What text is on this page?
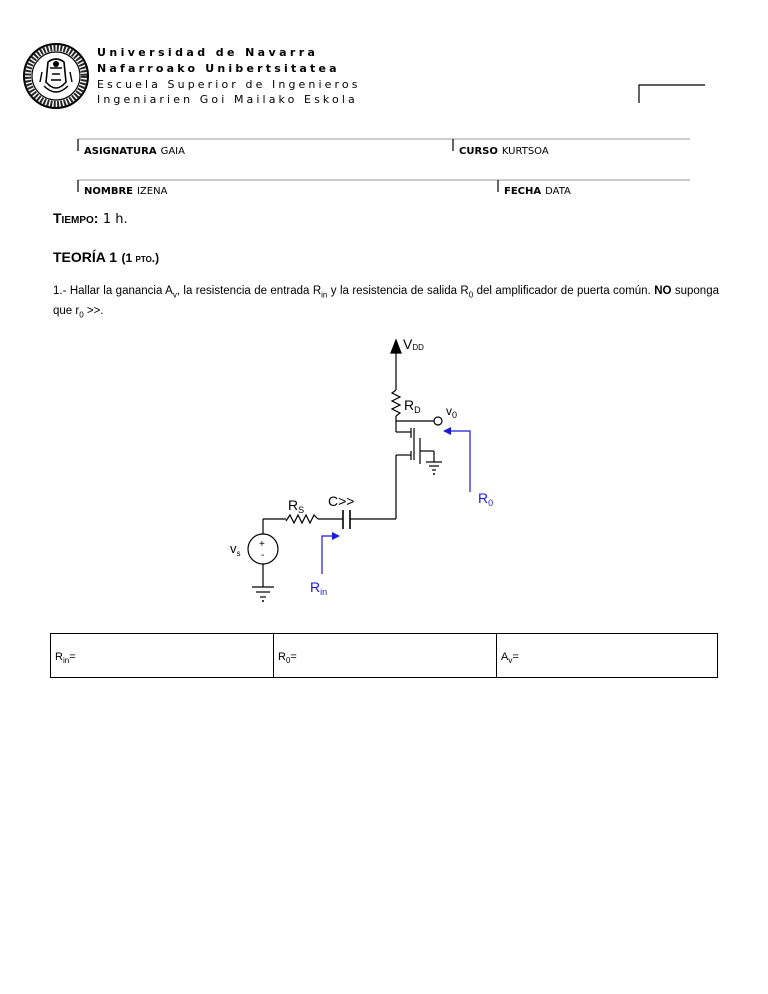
Universidad de Navarra
Nafarroako Unibertsitatea
Escuela Superior de Ingenieros
Ingeniarien Goi Mailako Eskola
ASIGNATURA GAIA	CURSO KURTSOA
NOMBRE IZENA	FECHA DATA
Tiempo: 1 h.
TEORÍA 1 (1 pto.)
1.- Hallar la ganancia $A_v$, la resistencia de entrada $R_{in}$ y la resistencia de salida $R_0$ del amplificador de puerta común. NO suponga que $r_0$ >>.
VDD
$R_D$ $v_0$
$R_S$
C>>
$v_s$
+
-
$R_0$
$R_{in}$
$R_{in}=$	$R_0=$	$A_v=$
